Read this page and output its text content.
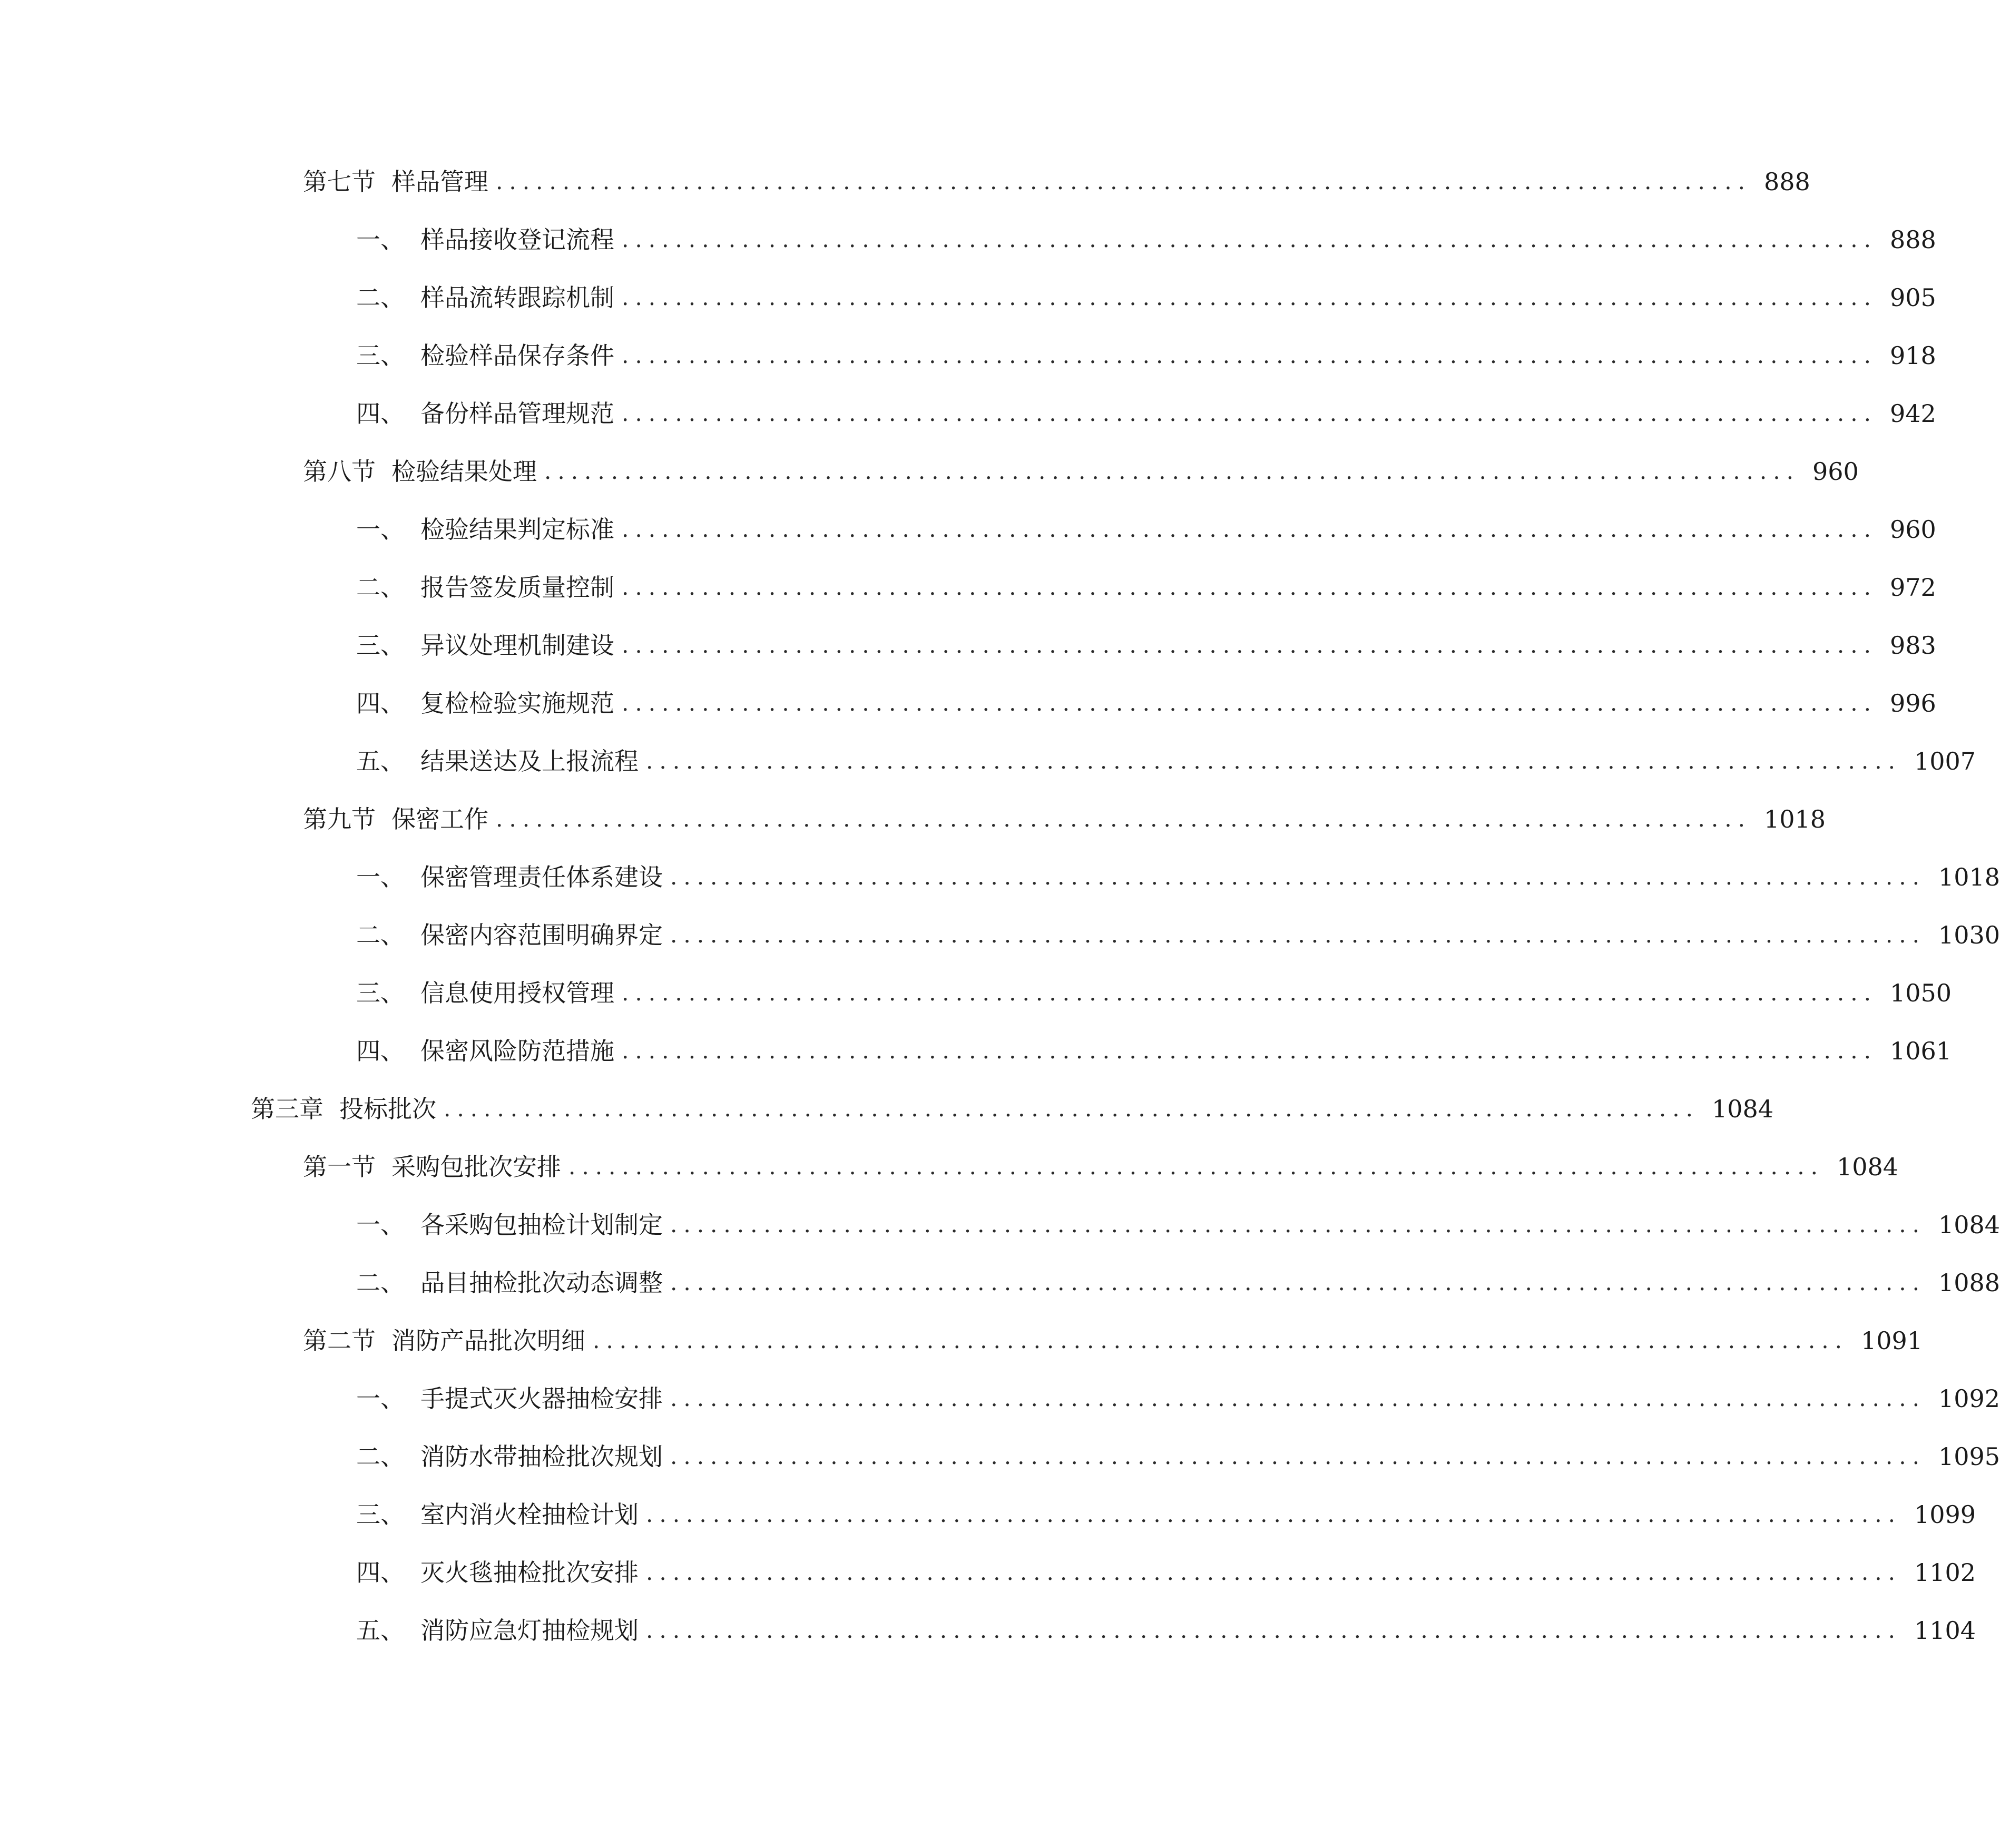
第七节 样品管理 .............................................................................................. 888
一、 样品接收登记流程 .............................................................................................. 888
二、 样品流转跟踪机制 .............................................................................................. 905
三、 检验样品保存条件 .............................................................................................. 918
四、 备份样品管理规范 .............................................................................................. 942
第八节 检验结果处理 .............................................................................................. 960
一、 检验结果判定标准 .............................................................................................. 960
二、 报告签发质量控制 .............................................................................................. 972
三、 异议处理机制建设 .............................................................................................. 983
四、 复检检验实施规范 .............................................................................................. 996
五、 结果送达及上报流程 .............................................................................................. 1007
第九节 保密工作 .............................................................................................. 1018
一、 保密管理责任体系建设 .............................................................................................. 1018
二、 保密内容范围明确界定 .............................................................................................. 1030
三、 信息使用授权管理 .............................................................................................. 1050
四、 保密风险防范措施 .............................................................................................. 1061
第三章 投标批次 .............................................................................................. 1084
第一节 采购包批次安排 .............................................................................................. 1084
一、 各采购包抽检计划制定 .............................................................................................. 1084
二、 品目抽检批次动态调整 .............................................................................................. 1088
第二节 消防产品批次明细 .............................................................................................. 1091
一、 手提式灭火器抽检安排 .............................................................................................. 1092
二、 消防水带抽检批次规划 .............................................................................................. 1095
三、 室内消火栓抽检计划 .............................................................................................. 1099
四、 灭火毯抽检批次安排 .............................................................................................. 1102
五、 消防应急灯抽检规划 .............................................................................................. 1104
